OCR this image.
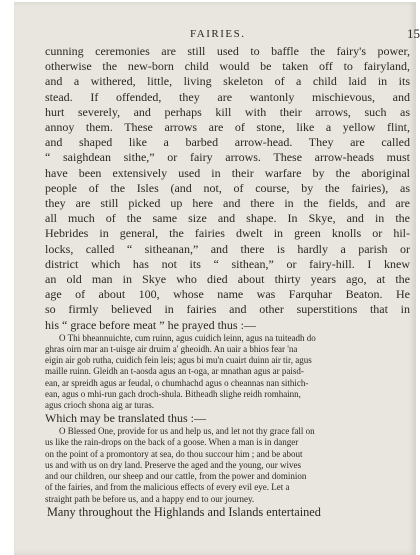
FAIRIES.	15

cunning ceremonies are still used to baffle the fairy's power,
otherwise the new-born child would be taken off to fairyland,
and a withered, little, living skeleton of a child laid in its
stead. If offended, they are wantonly mischievous, and
hurt severely, and perhaps kill with their arrows, such as
annoy them. These arrows are of stone, like a yellow flint,
and shaped like a barbed arrow-head. They are called
“ saighdean sithe,” or fairy arrows. These arrow-heads must
have been extensively used in their warfare by the aboriginal
people of the Isles (and not, of course, by the fairies), as
they are still picked up here and there in the fields, and are
all much of the same size and shape. In Skye, and in the
Hebrides in general, the fairies dwelt in green knolls or hil-
locks, called “ sitheanan,” and there is hardly a parish or
district which has not its “ sithean,” or fairy-hill. I knew
an old man in Skye who died about thirty years ago, at the
age of about 100, whose name was Farquhar Beaton. He
so firmly believed in fairies and other superstitions that in
his “ grace before meat ” he prayed thus :—

O Thi bheannuichte, cum ruinn, agus cuidich leinn, agus na tuiteadh do
ghras oirn mar an t-uisge air druim a' gheoidh. An uair a bhios fear 'na
eigin air gob rutha, cuidich fein leis; agus bi mu'n cuairt duinn air tir, agus
maille ruinn. Gleidh an t-aosda agus an t-oga, ar mnathan agus ar paisd-
ean, ar spreidh agus ar feudal, o chumhachd agus o cheannas nan sithich-
ean, agus o mhi-run gach droch-shula. Bitheadh slighe reidh romhainn,
agus crioch shona aig ar turas.

Which may be translated thus :—

O Blessed One, provide for us and help us, and let not thy grace fall on
us like the rain-drops on the back of a goose. When a man is in danger
on the point of a promontory at sea, do thou succour him ; and be about
us and with us on dry land. Preserve the aged and the young, our wives
and our children, our sheep and our cattle, from the power and dominion
of the fairies, and from the malicious effects of every evil eye. Let a
straight path be before us, and a happy end to our journey.

Many throughout the Highlands and Islands entertained
